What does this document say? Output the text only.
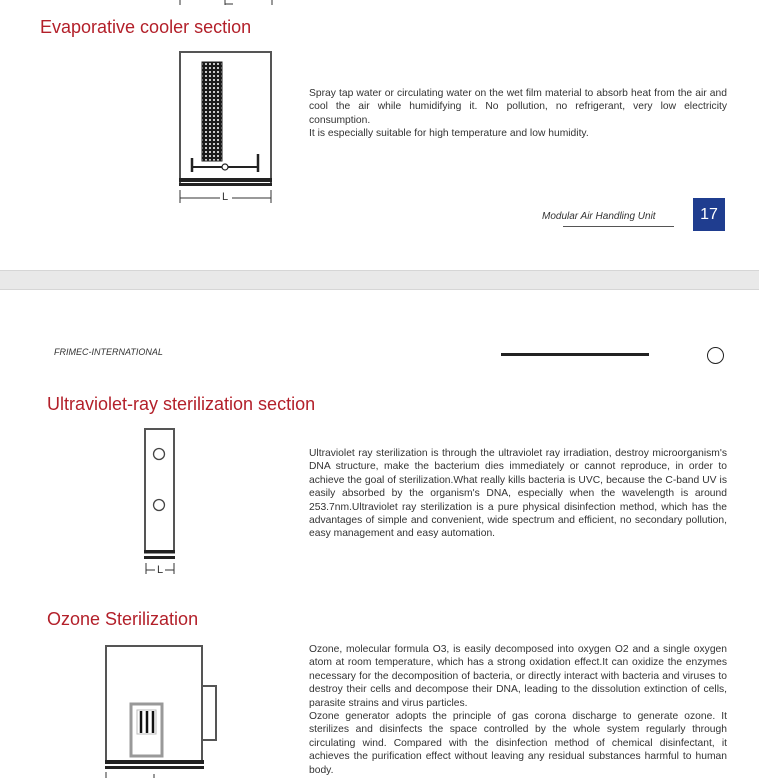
Evaporative cooler section
L

Spray tap water or circulating water on the wet film material to absorb heat from the air and cool the air while humidifying it. No pollution, no refrigerant, very low electricity consumption.

It is especially suitable for high temperature and low humidity.

Modular Air Handling Unit	17
FRIMEC-INTERNATIONAL
Ultraviolet-ray sterilization section
L

Ultraviolet ray sterilization is through the ultraviolet ray irradiation, destroy microorganism's DNA structure, make the bacterium dies immediately or cannot reproduce, in order to achieve the goal of sterilization.What really kills bacteria is UVC, because the C-band UV is easily absorbed by the organism's DNA, especially when the wavelength is around 253.7nm.Ultraviolet ray sterilization is a pure physical disinfection method, which has the advantages of simple and convenient, wide spectrum and efficient, no secondary pollution, easy management and easy automation.

Ozone Sterilization

Ozone, molecular formula O3, is easily decomposed into oxygen O2 and a single oxygen atom at room temperature, which has a strong oxidation effect.It can oxidize the enzymes necessary for the decomposition of bacteria, or directly interact with bacteria and viruses to destroy their cells and decompose their DNA, leading to the dissolution extinction of cells, parasite strains and virus particles.

Ozone generator adopts the principle of gas corona discharge to generate ozone. It sterilizes and disinfects the space controlled by the whole system regularly through circulating wind. Compared with the disinfection method of chemical disinfectant, it achieves the purification effect without leaving any residual substances harmful to human body.
